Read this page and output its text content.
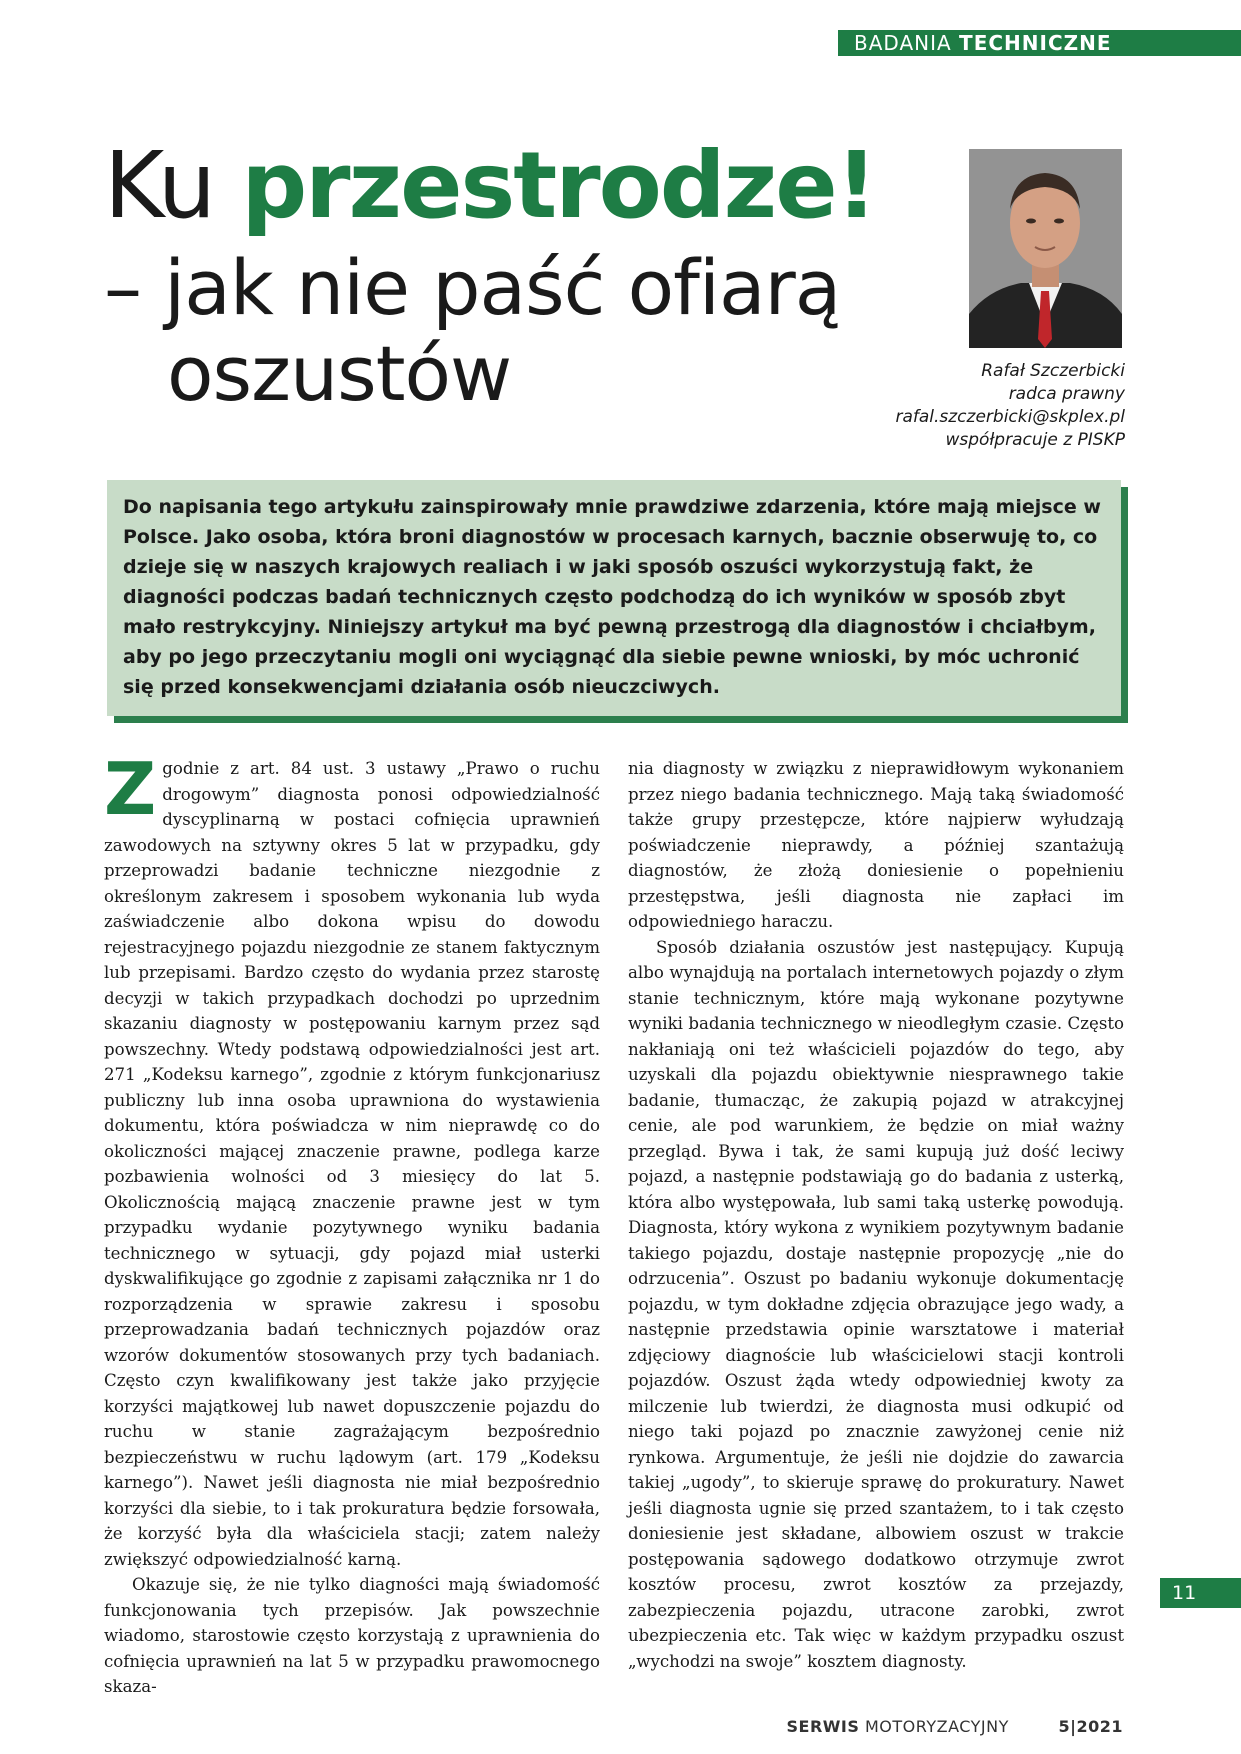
BADANIA TECHNICZNE
Ku przestrodze!
– jak nie paść ofiarą
oszustów	Rafał Szczerbicki
radca prawny
rafal.szczerbicki@skplex.pl
współpracuje z PISKP

Do napisania tego artykułu zainspirowały mnie prawdziwe zdarzenia, które mają miejsce w Polsce. Jako osoba, która broni diagnostów w procesach karnych, bacznie obserwuję to, co dzieje się w naszych krajowych realiach i w jaki sposób oszuści wykorzystują fakt, że diagności podczas badań technicznych często podchodzą do ich wyników w sposób zbyt mało restrykcyjny. Niniejszy artykuł ma być pewną przestrogą dla diagnostów i chciałbym, aby po jego przeczytaniu mogli oni wyciągnąć dla siebie pewne wnioski, by móc uchronić się przed konsekwencjami działania osób nieuczciwych.

Zgodnie z art. 84 ust. 3 ustawy „Prawo o ruchu drogowym” diagnosta ponosi odpowiedzialność dyscyplinarną w postaci cofnięcia uprawnień zawodowych na sztywny okres 5 lat w przypadku, gdy przeprowadzi badanie techniczne niezgodnie z określonym zakresem i sposobem wykonania lub wyda zaświadczenie albo dokona wpisu do dowodu rejestracyjnego pojazdu niezgodnie ze stanem faktycznym lub przepisami. Bardzo często do wydania przez starostę decyzji w takich przypadkach dochodzi po uprzednim skazaniu diagnosty w postępowaniu karnym przez sąd powszechny. Wtedy podstawą odpowiedzialności jest art. 271 „Kodeksu karnego”, zgodnie z którym funkcjonariusz publiczny lub inna osoba uprawniona do wystawienia dokumentu, która poświadcza w nim nieprawdę co do okoliczności mającej znaczenie prawne, podlega karze pozbawienia wolności od 3 miesięcy do lat 5. Okolicznością mającą znaczenie prawne jest w tym przypadku wydanie pozytywnego wyniku badania technicznego w sytuacji, gdy pojazd miał usterki dyskwalifikujące go zgodnie z zapisami załącznika nr 1 do rozporządzenia w sprawie zakresu i sposobu przeprowadzania badań technicznych pojazdów oraz wzorów dokumentów stosowanych przy tych badaniach. Często czyn kwalifikowany jest także jako przyjęcie korzyści majątkowej lub nawet dopuszczenie pojazdu do ruchu w stanie zagrażającym bezpośrednio bezpieczeństwu w ruchu lądowym (art. 179 „Kodeksu karnego”). Nawet jeśli diagnosta nie miał bezpośrednio korzyści dla siebie, to i tak prokuratura będzie forsowała, że korzyść była dla właściciela stacji; zatem należy zwiększyć odpowiedzialność karną.

Okazuje się, że nie tylko diagności mają świadomość funkcjonowania tych przepisów. Jak powszechnie wiadomo, starostowie często korzystają z uprawnienia do cofnięcia uprawnień na lat 5 w przypadku prawomocnego skaza-

nia diagnosty w związku z nieprawidłowym wykonaniem przez niego badania technicznego. Mają taką świadomość także grupy przestępcze, które najpierw wyłudzają poświadczenie nieprawdy, a później szantażują diagnostów, że złożą doniesienie o popełnieniu przestępstwa, jeśli diagnosta nie zapłaci im odpowiedniego haraczu.

Sposób działania oszustów jest następujący. Kupują albo wynajdują na portalach internetowych pojazdy o złym stanie technicznym, które mają wykonane pozytywne wyniki badania technicznego w nieodległym czasie. Często nakłaniają oni też właścicieli pojazdów do tego, aby uzyskali dla pojazdu obiektywnie niesprawnego takie badanie, tłumacząc, że zakupią pojazd w atrakcyjnej cenie, ale pod warunkiem, że będzie on miał ważny przegląd. Bywa i tak, że sami kupują już dość leciwy pojazd, a następnie podstawiają go do badania z usterką, która albo występowała, lub sami taką usterkę powodują. Diagnosta, który wykona z wynikiem pozytywnym badanie takiego pojazdu, dostaje następnie propozycję „nie do odrzucenia”. Oszust po badaniu wykonuje dokumentację pojazdu, w tym dokładne zdjęcia obrazujące jego wady, a następnie przedstawia opinie warsztatowe i materiał zdjęciowy diagnoście lub właścicielowi stacji kontroli pojazdów. Oszust żąda wtedy odpowiedniej kwoty za milczenie lub twierdzi, że diagnosta musi odkupić od niego taki pojazd po znacznie zawyżonej cenie niż rynkowa. Argumentuje, że jeśli nie dojdzie do zawarcia takiej „ugody”, to skieruje sprawę do prokuratury. Nawet jeśli diagnosta ugnie się przed szantażem, to i tak często doniesienie jest składane, albowiem oszust w trakcie postępowania sądowego dodatkowo otrzymuje zwrot kosztów procesu, zwrot kosztów za przejazdy, zabezpieczenia pojazdu, utracone zarobki, zwrot ubezpieczenia etc. Tak więc w każdym przypadku oszust „wychodzi na swoje” kosztem diagnosty.

11
SERWIS MOTORYZACYJNY	5|2021
